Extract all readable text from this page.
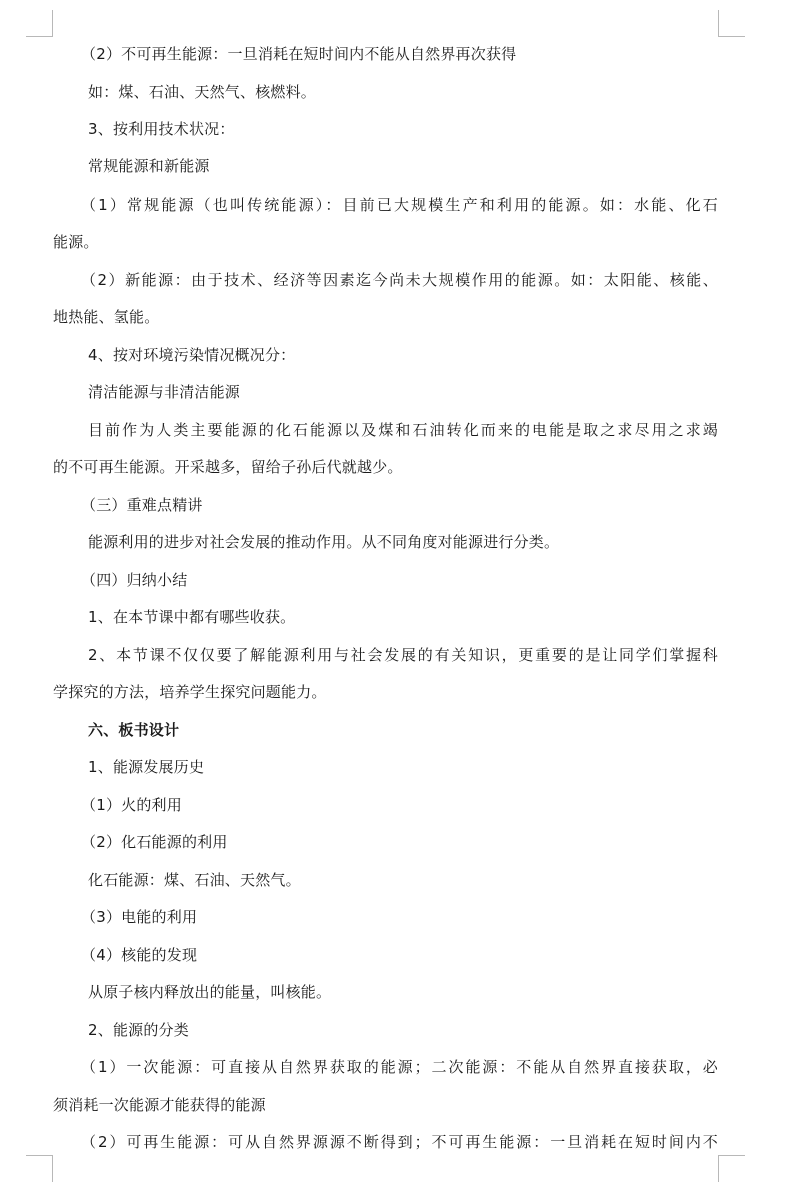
（2）不可再生能源：一旦消耗在短时间内不能从自然界再次获得
如：煤、石油、天然气、核燃料。
3、按利用技术状况：
常规能源和新能源
（1）常规能源（也叫传统能源）：目前已大规模生产和利用的能源。如：水能、化石
能源。
（2）新能源：由于技术、经济等因素迄今尚未大规模作用的能源。如：太阳能、核能、
地热能、氢能。
4、按对环境污染情况概况分：
清洁能源与非清洁能源
目前作为人类主要能源的化石能源以及煤和石油转化而来的电能是取之求尽用之求竭
的不可再生能源。开采越多，留给子孙后代就越少。
（三）重难点精讲
能源利用的进步对社会发展的推动作用。从不同角度对能源进行分类。
（四）归纳小结
1、在本节课中都有哪些收获。
2、本节课不仅仅要了解能源利用与社会发展的有关知识，更重要的是让同学们掌握科
学探究的方法，培养学生探究问题能力。
六、板书设计
1、能源发展历史
（1）火的利用
（2）化石能源的利用
化石能源：煤、石油、天然气。
（3）电能的利用
（4）核能的发现
从原子核内释放出的能量，叫核能。
2、能源的分类
（1）一次能源：可直接从自然界获取的能源；二次能源：不能从自然界直接获取，必
须消耗一次能源才能获得的能源
（2）可再生能源：可从自然界源源不断得到；不可再生能源：一旦消耗在短时间内不
